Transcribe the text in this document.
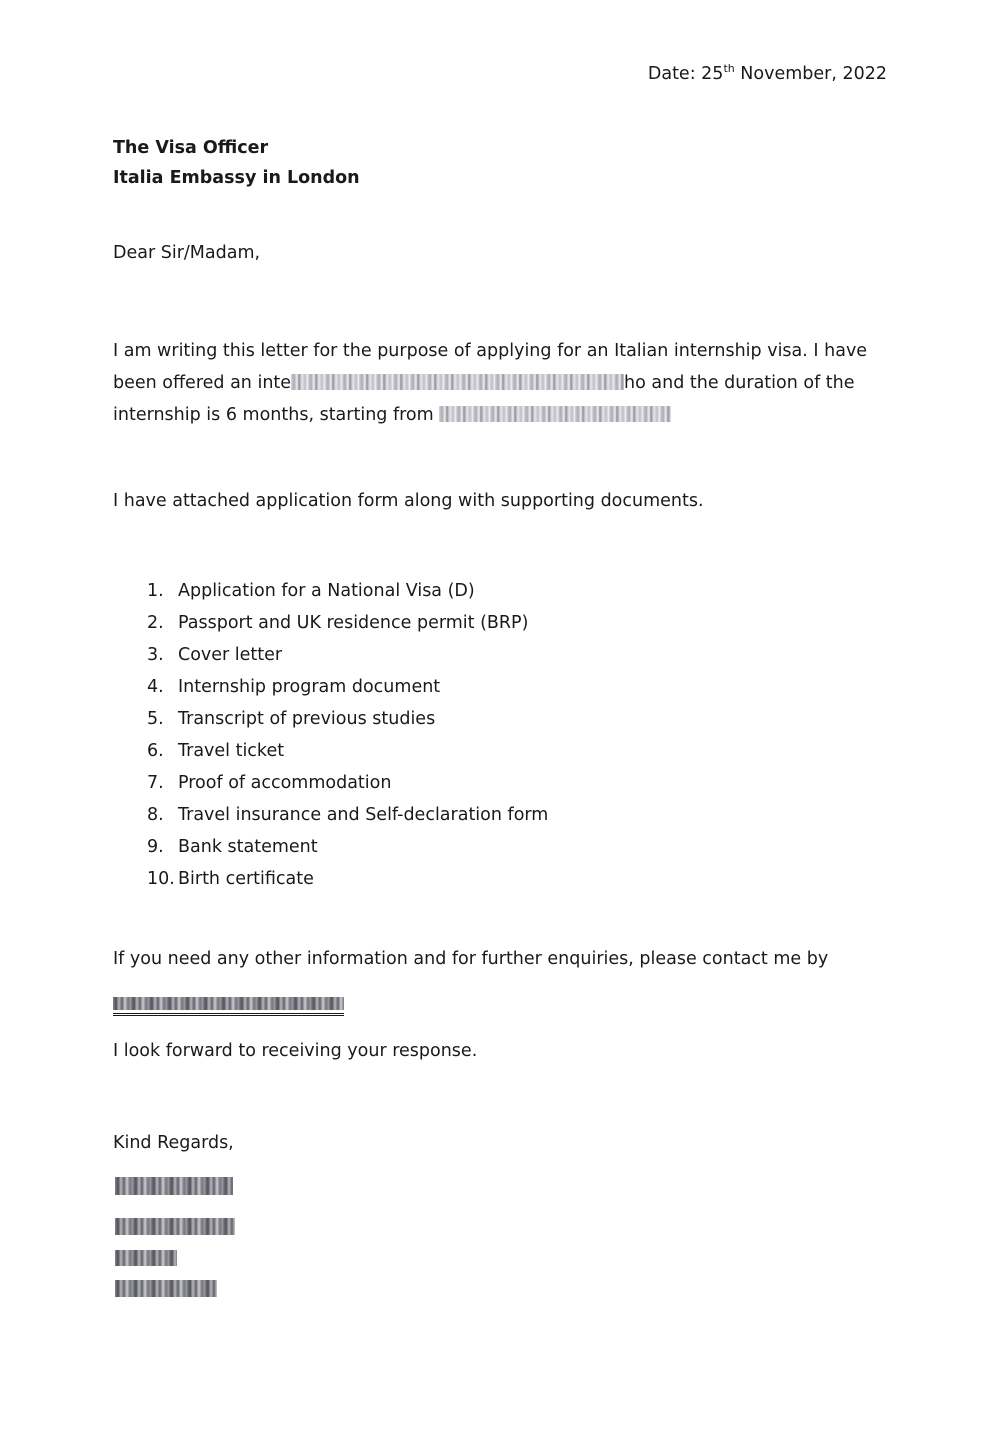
Date: 25th November, 2022
The Visa Officer
Italia Embassy in London
Dear Sir/Madam,
I am writing this letter for the purpose of applying for an Italian internship visa. I have been offered an inte	ho and the duration of the internship is 6 months, starting from
I have attached application form along with supporting documents.
1. Application for a National Visa (D)
2. Passport and UK residence permit (BRP)
3. Cover letter
4. Internship program document
5. Transcript of previous studies
6. Travel ticket
7. Proof of accommodation
8. Travel insurance and Self-declaration form
9. Bank statement
10. Birth certificate
If you need any other information and for further enquiries, please contact me by
I look forward to receiving your response.
Kind Regards,
